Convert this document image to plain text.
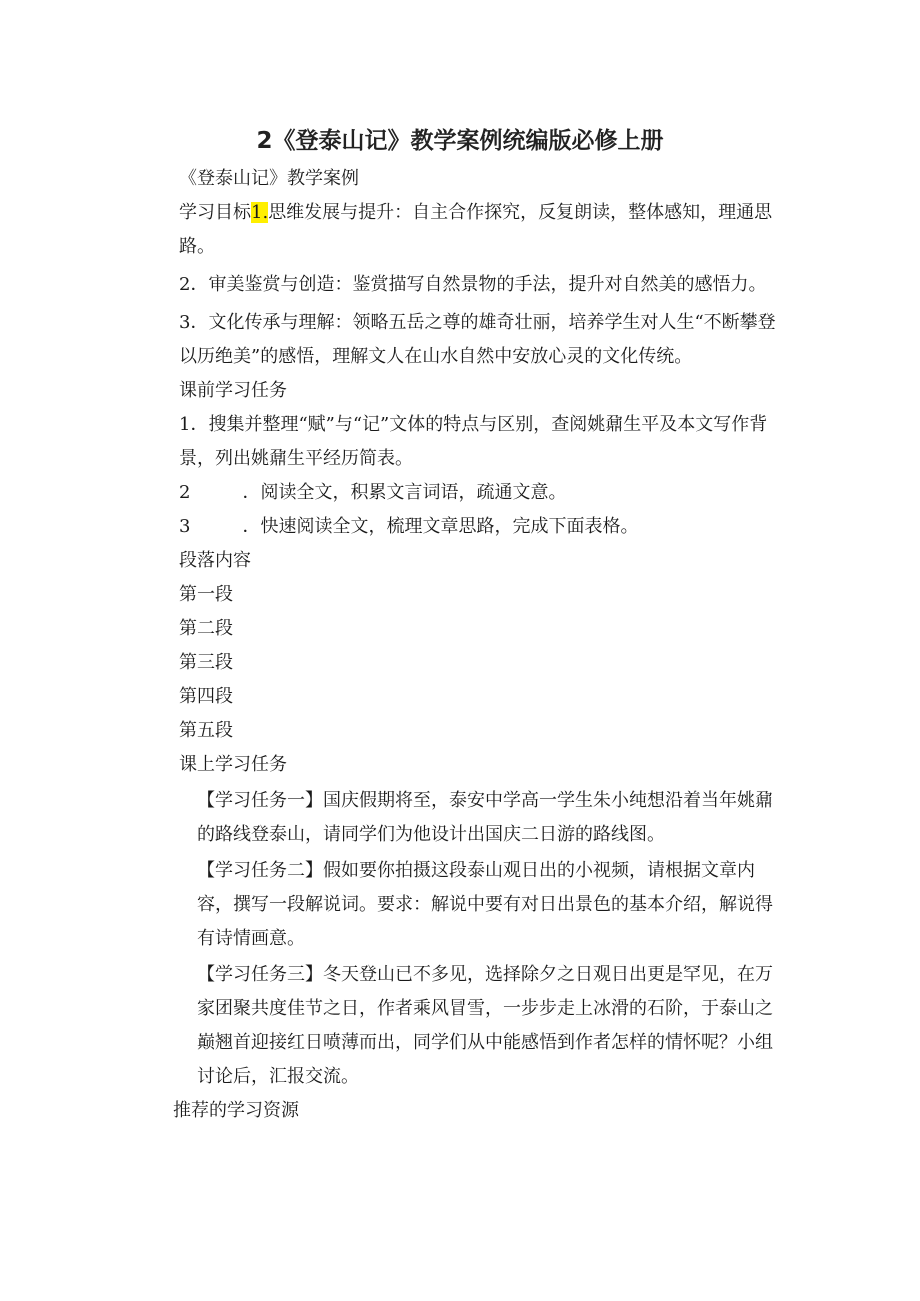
2《登泰山记》教学案例统编版必修上册

《登泰山记》教学案例

学习目标1.思维发展与提升：自主合作探究，反复朗读，整体感知，理通思路。

2．审美鉴赏与创造：鉴赏描写自然景物的手法，提升对自然美的感悟力。

3．文化传承与理解：领略五岳之尊的雄奇壮丽，培养学生对人生“不断攀登以历绝美”的感悟，理解文人在山水自然中安放心灵的文化传统。

课前学习任务

1．搜集并整理“赋”与“记”文体的特点与区别，查阅姚鼐生平及本文写作背景，列出姚鼐生平经历简表。

2	．阅读全文，积累文言词语，疏通文意。

3	．快速阅读全文，梳理文章思路，完成下面表格。

段落内容

第一段

第二段

第三段

第四段

第五段

课上学习任务

【学习任务一】国庆假期将至，泰安中学高一学生朱小纯想沿着当年姚鼐的路线登泰山，请同学们为他设计出国庆二日游的路线图。

【学习任务二】假如要你拍摄这段泰山观日出的小视频，请根据文章内容，撰写一段解说词。要求：解说中要有对日出景色的基本介绍，解说得有诗情画意。

【学习任务三】冬天登山已不多见，选择除夕之日观日出更是罕见，在万家团聚共度佳节之日，作者乘风冒雪，一步步走上冰滑的石阶，于泰山之巅翘首迎接红日喷薄而出，同学们从中能感悟到作者怎样的情怀呢？小组讨论后，汇报交流。

推荐的学习资源
